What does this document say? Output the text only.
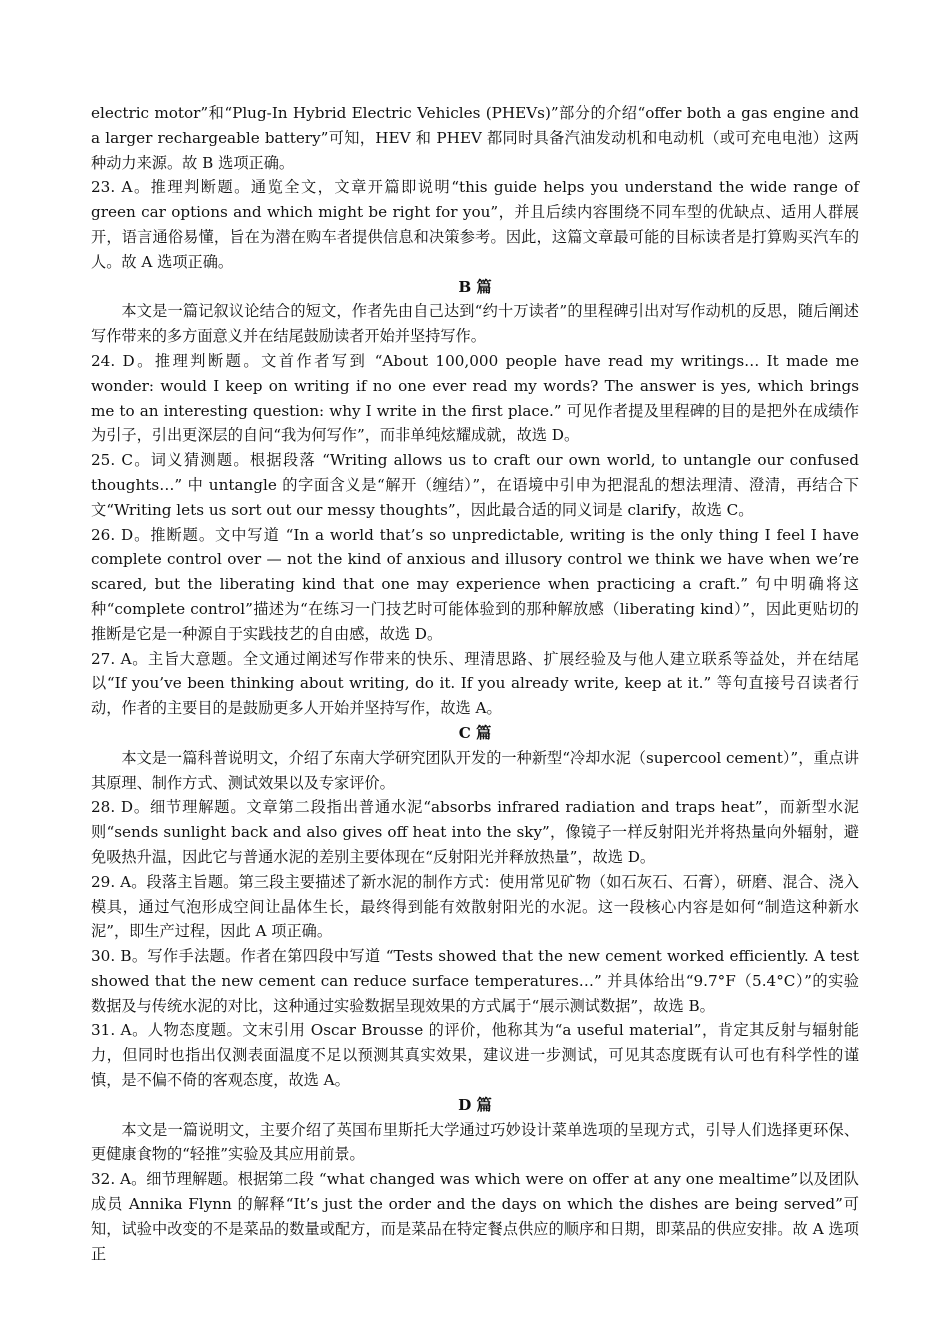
electric motor”和“Plug-In Hybrid Electric Vehicles (PHEVs)”部分的介绍“offer both a gas engine and a larger rechargeable battery”可知，HEV 和 PHEV 都同时具备汽油发动机和电动机（或可充电电池）这两种动力来源。故 B 选项正确。

23. A。推理判断题。通览全文，文章开篇即说明“this guide helps you understand the wide range of green car options and which might be right for you”，并且后续内容围绕不同车型的优缺点、适用人群展开，语言通俗易懂，旨在为潜在购车者提供信息和决策参考。因此，这篇文章最可能的目标读者是打算购买汽车的人。故 A 选项正确。

B 篇

本文是一篇记叙议论结合的短文，作者先由自己达到“约十万读者”的里程碑引出对写作动机的反思，随后阐述写作带来的多方面意义并在结尾鼓励读者开始并坚持写作。

24. D。推理判断题。文首作者写到 “About 100,000 people have read my writings… It made me wonder: would I keep on writing if no one ever read my words? The answer is yes, which brings me to an interesting question: why I write in the first place.” 可见作者提及里程碑的目的是把外在成绩作为引子，引出更深层的自问“我为何写作”，而非单纯炫耀成就，故选 D。

25. C。词义猜测题。根据段落 “Writing allows us to craft our own world, to untangle our confused thoughts…” 中 untangle 的字面含义是“解开（缠结）”，在语境中引申为把混乱的想法理清、澄清，再结合下文“Writing lets us sort out our messy thoughts”，因此最合适的同义词是 clarify，故选 C。

26. D。推断题。文中写道 “In a world that’s so unpredictable, writing is the only thing I feel I have complete control over — not the kind of anxious and illusory control we think we have when we’re scared, but the liberating kind that one may experience when practicing a craft.” 句中明确将这种“complete control”描述为“在练习一门技艺时可能体验到的那种解放感（liberating kind）”，因此更贴切的推断是它是一种源自于实践技艺的自由感，故选 D。

27. A。主旨大意题。全文通过阐述写作带来的快乐、理清思路、扩展经验及与他人建立联系等益处，并在结尾以“If you’ve been thinking about writing, do it. If you already write, keep at it.” 等句直接号召读者行动，作者的主要目的是鼓励更多人开始并坚持写作，故选 A。

C 篇

本文是一篇科普说明文，介绍了东南大学研究团队开发的一种新型“冷却水泥（supercool cement）”，重点讲其原理、制作方式、测试效果以及专家评价。

28. D。细节理解题。文章第二段指出普通水泥“absorbs infrared radiation and traps heat”，而新型水泥则“sends sunlight back and also gives off heat into the sky”，像镜子一样反射阳光并将热量向外辐射，避免吸热升温，因此它与普通水泥的差别主要体现在“反射阳光并释放热量”，故选 D。

29. A。段落主旨题。第三段主要描述了新水泥的制作方式：使用常见矿物（如石灰石、石膏），研磨、混合、浇入模具，通过气泡形成空间让晶体生长，最终得到能有效散射阳光的水泥。这一段核心内容是如何“制造这种新水泥”，即生产过程，因此 A 项正确。

30. B。写作手法题。作者在第四段中写道 “Tests showed that the new cement worked efficiently. A test showed that the new cement can reduce surface temperatures…” 并具体给出“9.7°F（5.4°C）”的实验数据及与传统水泥的对比，这种通过实验数据呈现效果的方式属于“展示测试数据”，故选 B。

31. A。人物态度题。文末引用 Oscar Brousse 的评价，他称其为“a useful material”，肯定其反射与辐射能力，但同时也指出仅测表面温度不足以预测其真实效果，建议进一步测试，可见其态度既有认可也有科学性的谨慎，是不偏不倚的客观态度，故选 A。

D 篇

本文是一篇说明文，主要介绍了英国布里斯托大学通过巧妙设计菜单选项的呈现方式，引导人们选择更环保、更健康食物的“轻推”实验及其应用前景。

32. A。细节理解题。根据第二段 “what changed was which were on offer at any one mealtime”以及团队成员 Annika Flynn 的解释“It’s just the order and the days on which the dishes are being served”可知，试验中改变的不是菜品的数量或配方，而是菜品在特定餐点供应的顺序和日期，即菜品的供应安排。故 A 选项正
